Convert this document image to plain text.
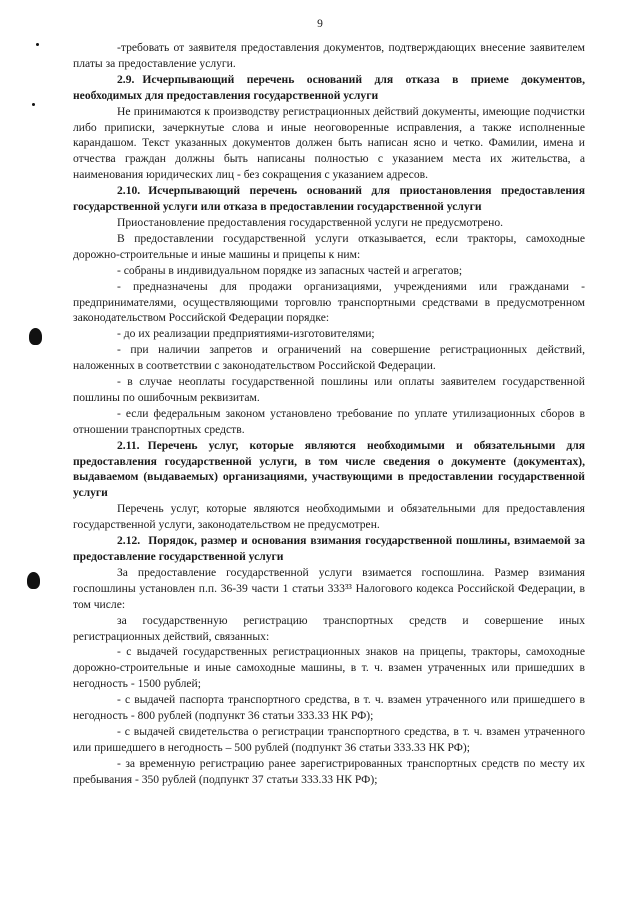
9

-требовать от заявителя предоставления документов, подтверждающих внесение заявителем платы за предоставление услуги.

2.9. Исчерпывающий перечень оснований для отказа в приеме документов, необходимых для предоставления государственной услуги

Не принимаются к производству регистрационных действий документы, имеющие подчистки либо приписки, зачеркнутые слова и иные неоговоренные исправления, а также исполненные карандашом. Текст указанных документов должен быть написан ясно и четко. Фамилии, имена и отчества граждан должны быть написаны полностью с указанием места их жительства, а наименования юридических лиц - без сокращения с указанием адресов.

2.10. Исчерпывающий перечень оснований для приостановления предоставления государственной услуги или отказа в предоставлении государственной услуги

Приостановление предоставления государственной услуги не предусмотрено.

В предоставлении государственной услуги отказывается, если тракторы, самоходные дорожно-строительные и иные машины и прицепы к ним:

- собраны в индивидуальном порядке из запасных частей и агрегатов;

- предназначены для продажи организациями, учреждениями или гражданами - предпринимателями, осуществляющими торговлю транспортными средствами в предусмотренном законодательством Российской Федерации порядке:

- до их реализации предприятиями-изготовителями;

- при наличии запретов и ограничений на совершение регистрационных действий, наложенных в соответствии с законодательством Российской Федерации.

- в случае неоплаты государственной пошлины или оплаты заявителем государственной пошлины по ошибочным реквизитам.

- если федеральным законом установлено требование по уплате утилизационных сборов в отношении транспортных средств.

2.11. Перечень услуг, которые являются необходимыми и обязательными для предоставления государственной услуги, в том числе сведения о документе (документах), выдаваемом (выдаваемых) организациями, участвующими в предоставлении государственной услуги

Перечень услуг, которые являются необходимыми и обязательными для предоставления государственной услуги, законодательством не предусмотрен.

2.12. Порядок, размер и основания взимания государственной пошлины, взимаемой за предоставление государственной услуги

За предоставление государственной услуги взимается госпошлина. Размер взимания госпошлины установлен п.п. 36-39 части 1 статьи 333³³ Налогового кодекса Российской Федерации, в том числе:

за государственную регистрацию транспортных средств и совершение иных регистрационных действий, связанных:

- с выдачей государственных регистрационных знаков на прицепы, тракторы, самоходные дорожно-строительные и иные самоходные машины, в т. ч. взамен утраченных или пришедших в негодность - 1500 рублей;

- с выдачей паспорта транспортного средства, в т. ч. взамен утраченного или пришедшего в негодность - 800 рублей (подпункт 36 статьи 333.33 НК РФ);

- с выдачей свидетельства о регистрации транспортного средства, в т. ч. взамен утраченного или пришедшего в негодность – 500 рублей (подпункт 36 статьи 333.33 НК РФ);

- за временную регистрацию ранее зарегистрированных транспортных средств по месту их пребывания - 350 рублей (подпункт 37 статьи 333.33 НК РФ);
